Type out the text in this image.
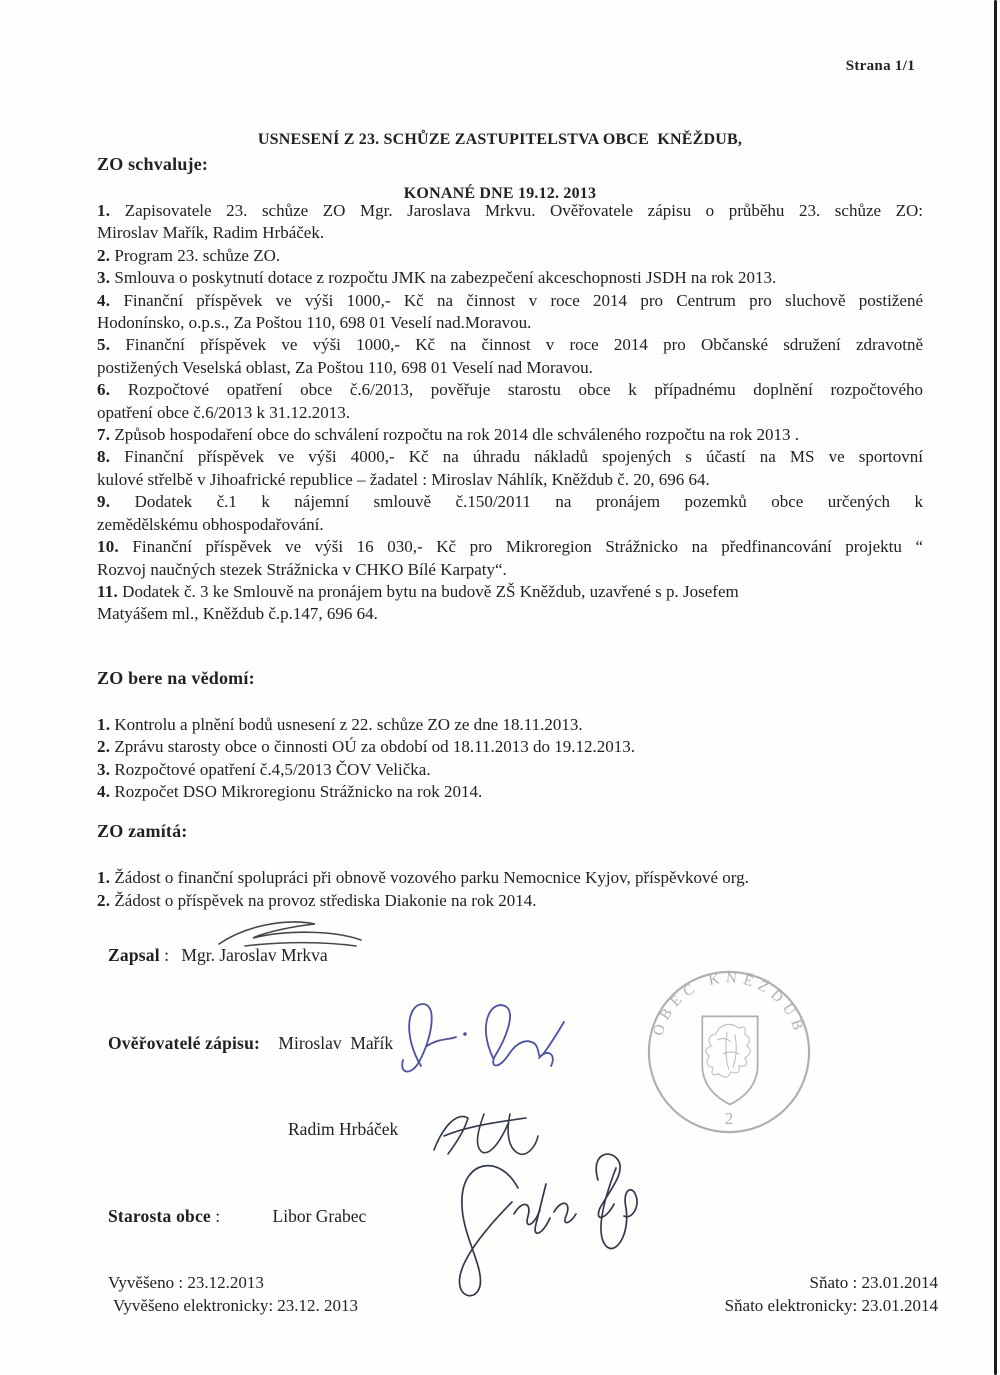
Strana 1/1

USNESENÍ Z 23. SCHŮZE ZASTUPITELSTVA OBCE  KNĚŽDUB,

KONANÉ DNE 19.12. 2013

ZO schvaluje:
1. Zapisovatele 23. schůze ZO Mgr. Jaroslava Mrkvu. Ověřovatele zápisu o průběhu 23. schůze ZO:
Miroslav Mařík, Radim Hrbáček.
2. Program 23. schůze ZO.
3. Smlouva o poskytnutí dotace z rozpočtu JMK na zabezpečení akceschopnosti JSDH na rok 2013.
4. Finanční příspěvek ve výši 1000,- Kč na činnost v roce 2014 pro Centrum pro sluchově postižené
Hodonínsko, o.p.s., Za Poštou 110, 698 01 Veselí nad.Moravou.
5. Finanční příspěvek ve výši 1000,- Kč na činnost v roce 2014 pro Občanské sdružení zdravotně
postižených Veselská oblast, Za Poštou 110, 698 01 Veselí nad Moravou.
6. Rozpočtové opatření obce č.6/2013, pověřuje starostu obce k případnému doplnění rozpočtového
opatření obce č.6/2013 k 31.12.2013.
7. Způsob hospodaření obce do schválení rozpočtu na rok 2014 dle schváleného rozpočtu na rok 2013 .
8. Finanční příspěvek ve výši 4000,- Kč na úhradu nákladů spojených s účastí na MS ve sportovní
kulové střelbě v Jihoafrické republice – žadatel : Miroslav Náhlík, Kněždub č. 20, 696 64.
9. Dodatek č.1 k nájemní smlouvě č.150/2011 na pronájem pozemků obce určených k
zemědělskému obhospodařování.
10. Finanční příspěvek ve výši 16 030,- Kč pro Mikroregion Strážnicko na předfinancování projektu “
Rozvoj naučných stezek Strážnicka v CHKO Bílé Karpaty“.
11. Dodatek č. 3 ke Smlouvě na pronájem bytu na budově ZŠ Kněždub, uzavřené s p. Josefem
Matyášem ml., Kněždub č.p.147, 696 64.
ZO bere na vědomí:
1. Kontrolu a plnění bodů usnesení z 22. schůze ZO ze dne 18.11.2013.
2. Zprávu starosty obce o činnosti OÚ za období od 18.11.2013 do 19.12.2013.
3. Rozpočtové opatření č.4,5/2013 ČOV Velička.
4. Rozpočet DSO Mikroregionu Strážnicko na rok 2014.
ZO zamítá:
1. Žádost o finanční spolupráci při obnově vozového parku Nemocnice Kyjov, příspěvkové org.
2. Žádost o příspěvek na provoz střediska Diakonie na rok 2014.
Zapsal : Mgr. Jaroslav Mrkva
Ověřovatelé zápisu: Miroslav  Mařík
Radim Hrbáček
Starosta obce :	Libor Grabec
OBEC KNĚŽDUB
2
Vyvěšeno : 23.12.2013
Vyvěšeno elektronicky: 23.12. 2013
Sňato : 23.01.2014
Sňato elektronicky: 23.01.2014
